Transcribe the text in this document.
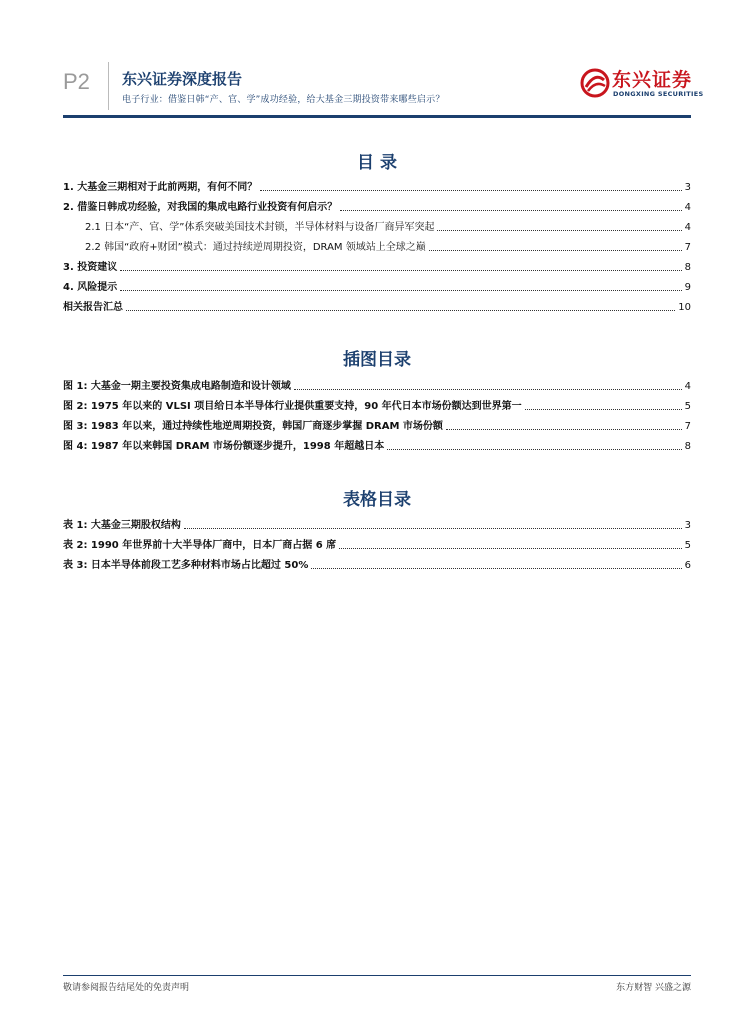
P2 东兴证券深度报告
电子行业：借鉴日韩“产、官、学”成功经验，给大基金三期投资带来哪些启示？
东兴证券
DONGXING SECURITIES
目 录
1. 大基金三期相对于此前两期，有何不同？	3
2. 借鉴日韩成功经验，对我国的集成电路行业投资有何启示？	4
2.1 日本“产、官、学”体系突破美国技术封锁，半导体材料与设备厂商异军突起	4
2.2 韩国“政府+财团”模式：通过持续逆周期投资，DRAM 领域站上全球之巅	7
3. 投资建议	8
4. 风险提示	9
相关报告汇总	10
插图目录
图 1: 大基金一期主要投资集成电路制造和设计领域	4
图 2: 1975 年以来的 VLSI 项目给日本半导体行业提供重要支持，90 年代日本市场份额达到世界第一	5
图 3: 1983 年以来，通过持续性地逆周期投资，韩国厂商逐步掌握 DRAM 市场份额	7
图 4: 1987 年以来韩国 DRAM 市场份额逐步提升，1998 年超越日本	8
表格目录
表 1: 大基金三期股权结构	3
表 2: 1990 年世界前十大半导体厂商中，日本厂商占据 6 席	5
表 3: 日本半导体前段工艺多种材料市场占比超过 50%	6
敬请参阅报告结尾处的免责声明	东方财智 兴盛之源
